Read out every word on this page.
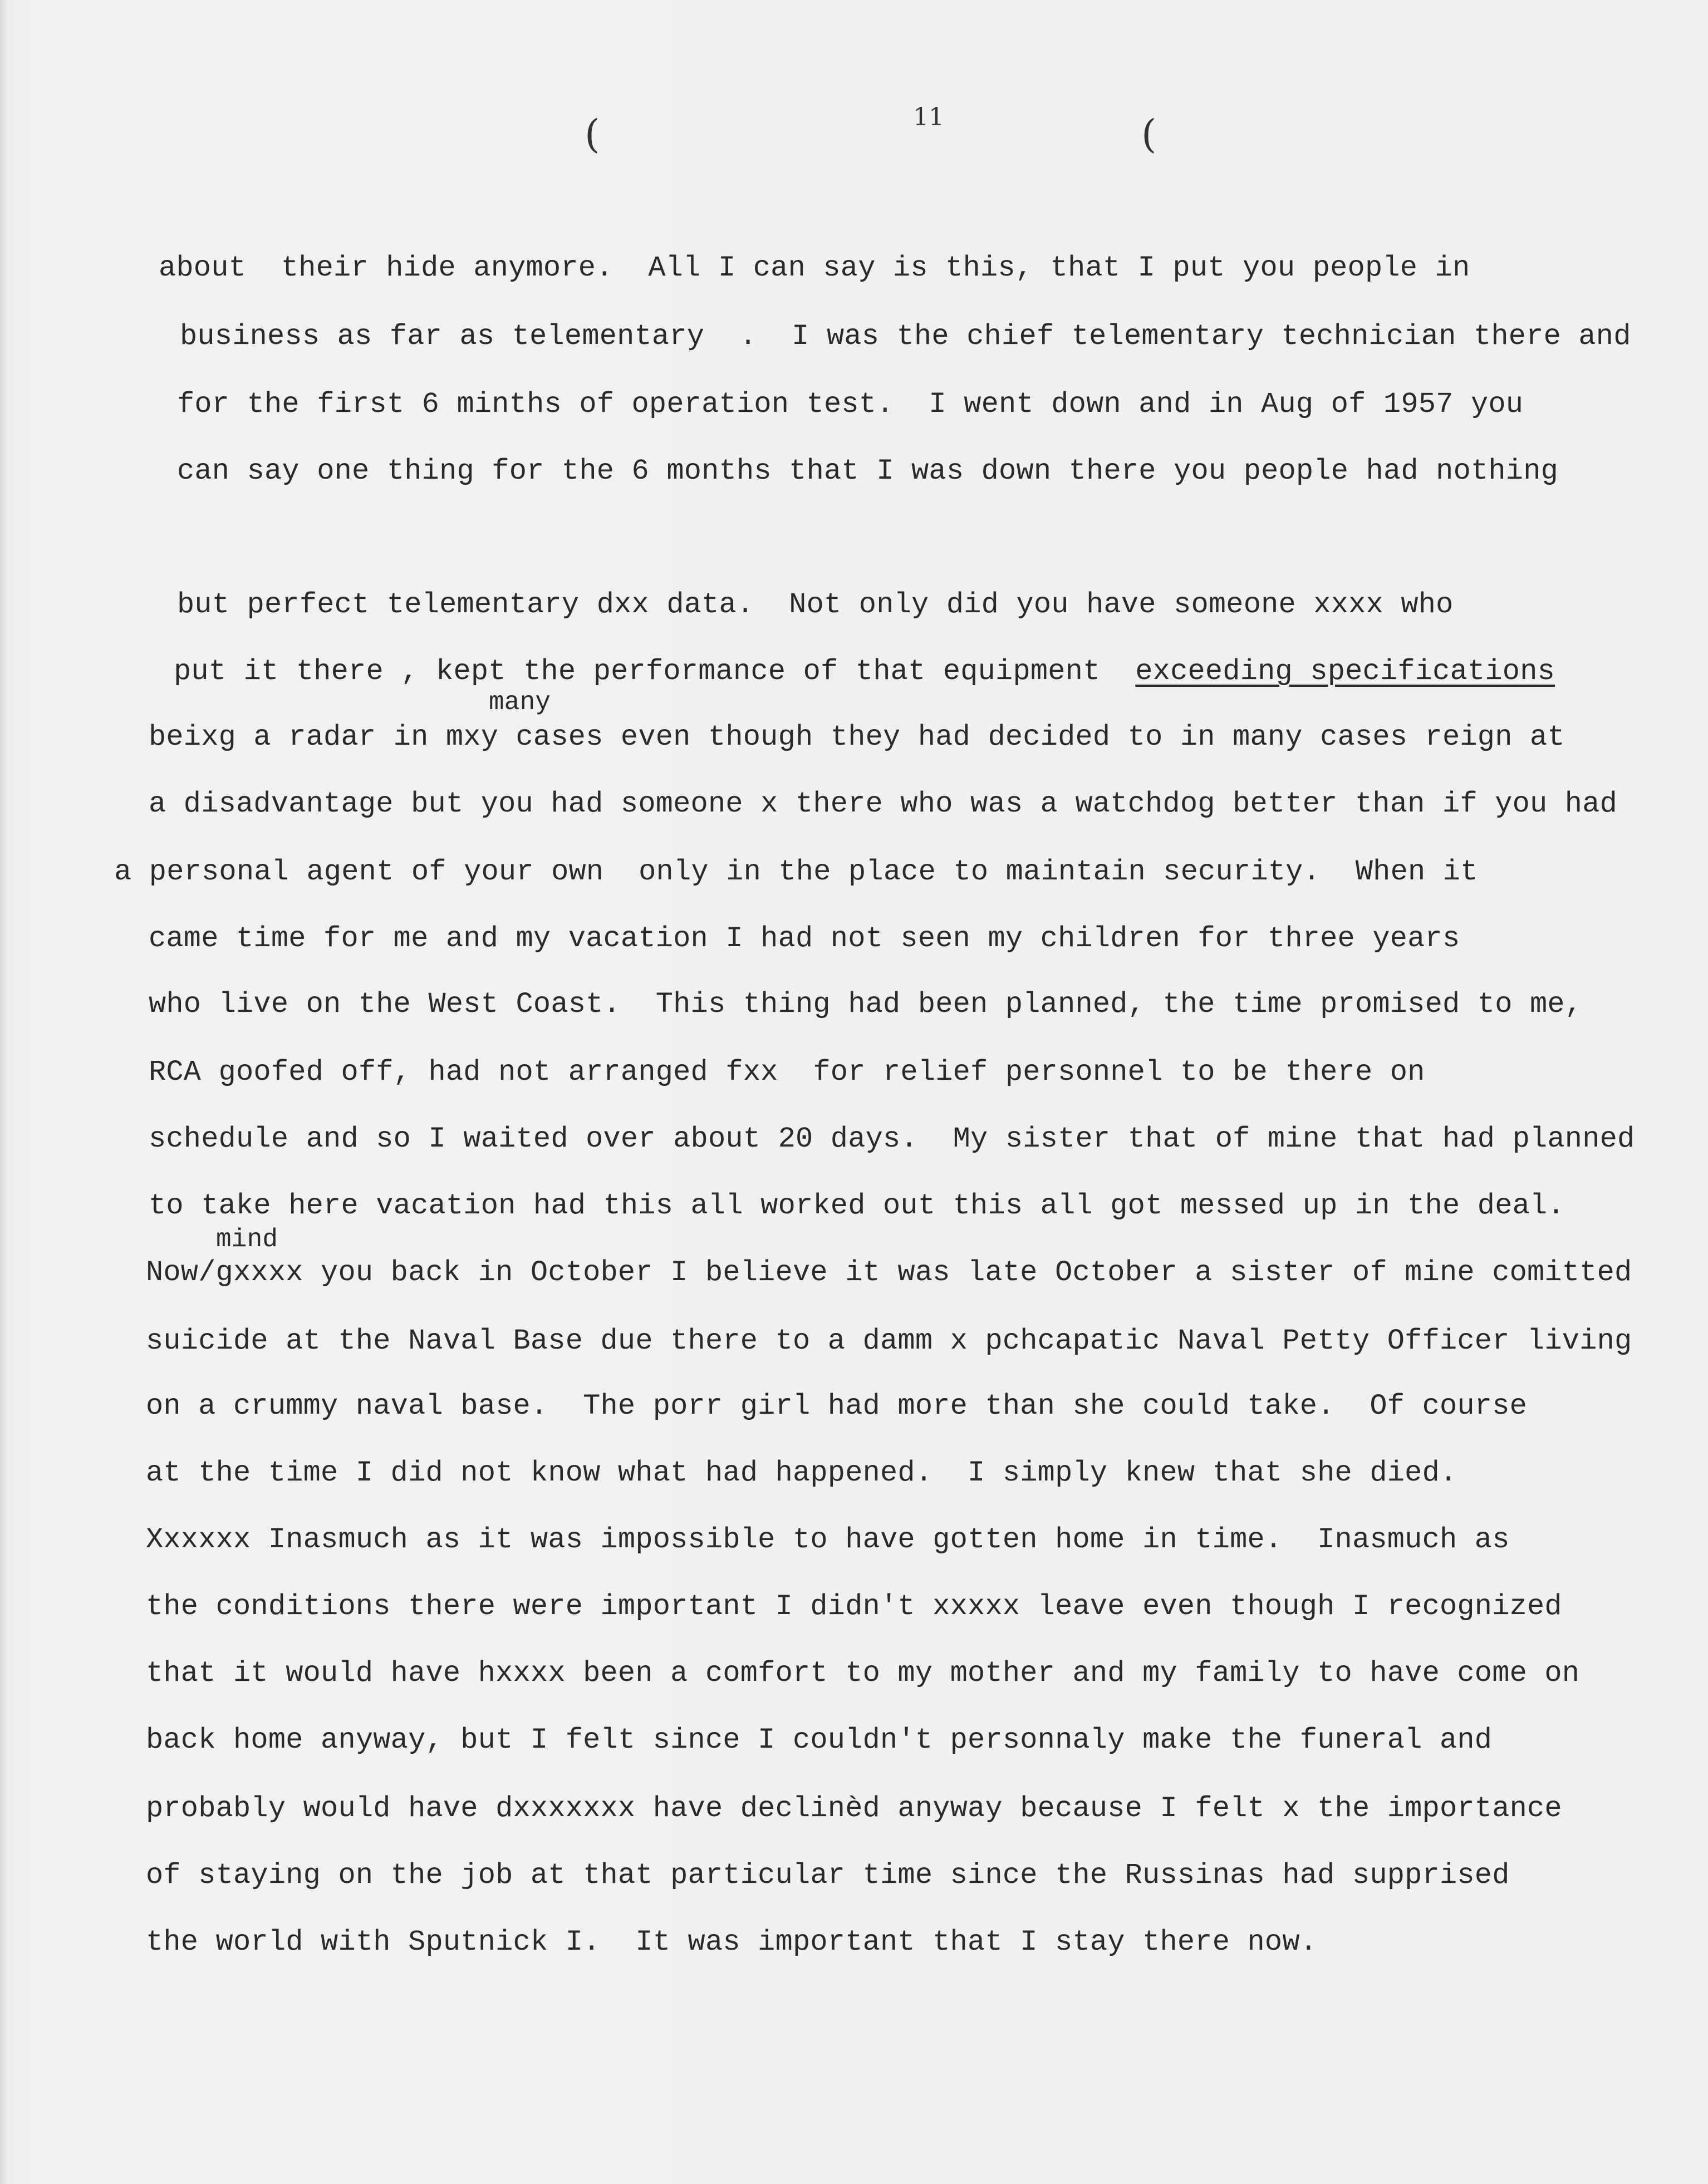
(	11	(
about  their hide anymore.  All I can say is this, that I put you people in
business as far as telementary  .  I was the chief telementary technician there and
for the first 6 minths of operation test.  I went down and in Aug of 1957 you
can say one thing for the 6 months that I was down there you people had nothing
but perfect telementary dxx data.  Not only did you have someone xxxx who
put it there , kept the performance of that equipment  exceeding specifications
many
beixg a radar in mxy cases even though they had decided to in many cases reign at
a disadvantage but you had someone x there who was a watchdog better than if you had
a personal agent of your own  only in the place to maintain security.  When it
came time for me and my vacation I had not seen my children for three years
who live on the West Coast.  This thing had been planned, the time promised to me,
RCA goofed off, had not arranged fxx  for relief personnel to be there on
schedule and so I waited over about 20 days.  My sister that of mine that had planned
to take here vacation had this all worked out this all got messed up in the deal.
mind
Now/gxxxx you back in October I believe it was late October a sister of mine comitted
suicide at the Naval Base due there to a damm x pchcapatic Naval Petty Officer living
on a crummy naval base.  The porr girl had more than she could take.  Of course
at the time I did not know what had happened.  I simply knew that she died.
Xxxxxx Inasmuch as it was impossible to have gotten home in time.  Inasmuch as
the conditions there were important I didn't xxxxx leave even though I recognized
that it would have hxxxx been a comfort to my mother and my family to have come on
back home anyway, but I felt since I couldn't personnaly make the funeral and
probably would have dxxxxxxx have declinèd anyway because I felt x the importance
of staying on the job at that particular time since the Russinas had supprised
the world with Sputnick I.  It was important that I stay there now.
